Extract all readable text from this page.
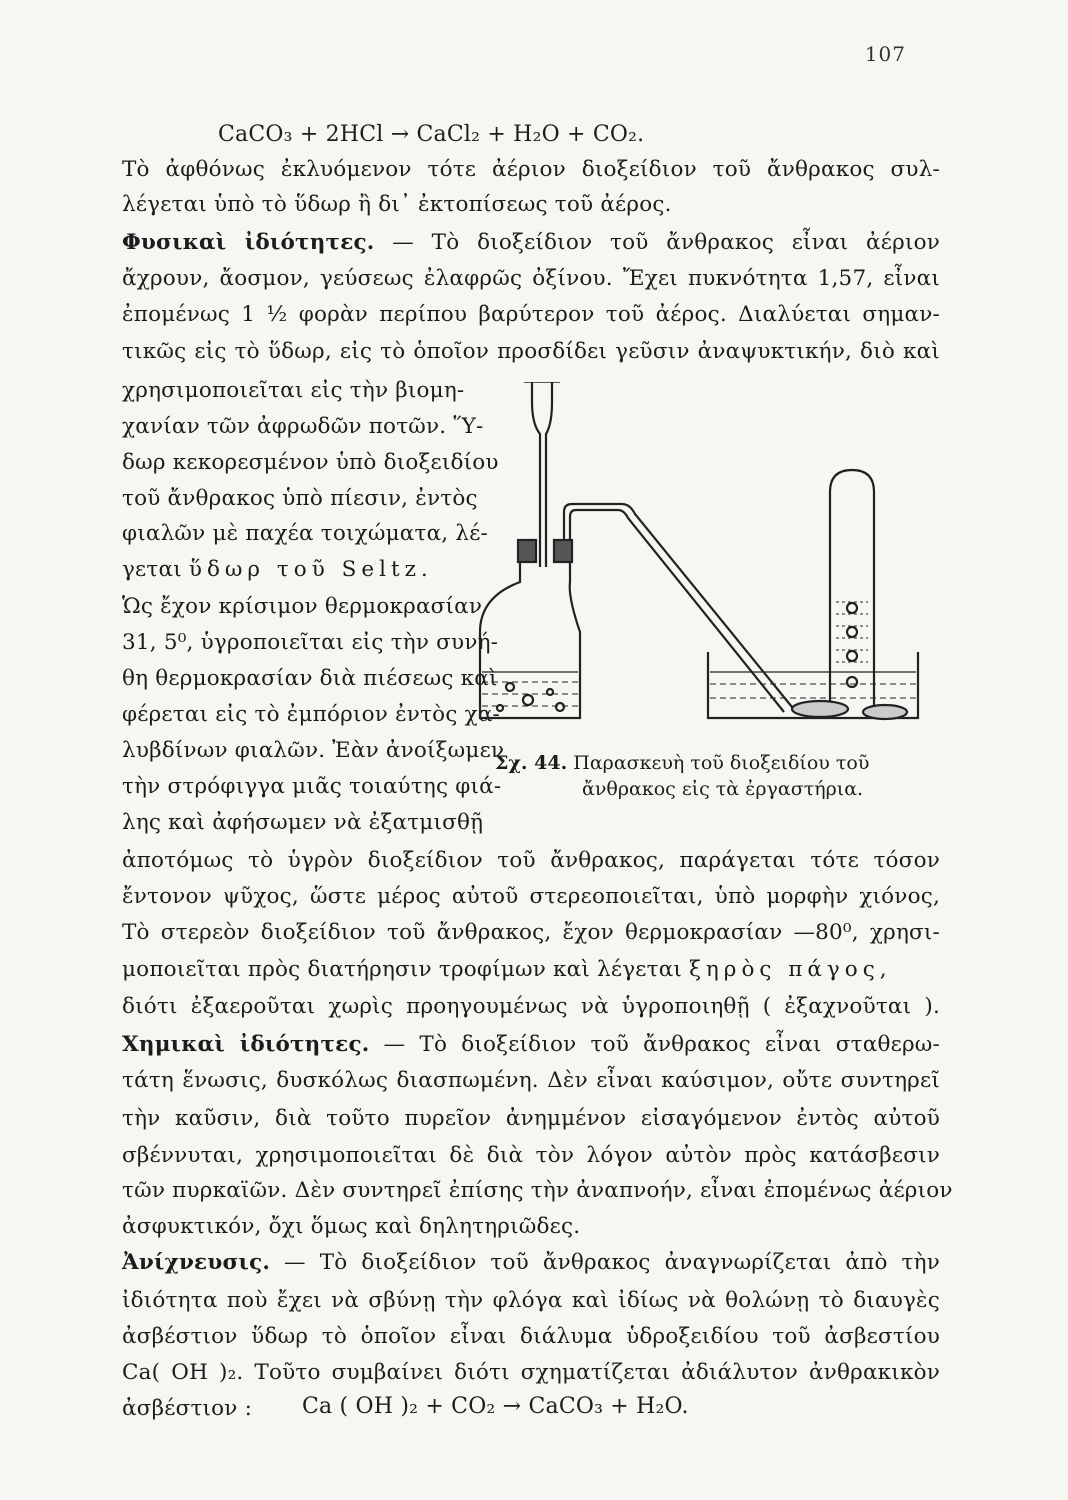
107
CaCO₃ + 2HCl → CaCl₂ + H₂O + CO₂.
Τὸ ἀφθόνως ἐκλυόμενον τότε ἀέριον διοξείδιον τοῦ ἄνθρακος συλ-
λέγεται ὑπὸ τὸ ὕδωρ ἢ δι᾽ ἐκτοπίσεως τοῦ ἀέρος.
Φυσικαὶ ἰδιότητες. — Τὸ διοξείδιον τοῦ ἄνθρακος εἶναι ἀέριον
ἄχρουν, ἄοσμον, γεύσεως ἐλαφρῶς ὀξίνου. Ἔχει πυκνότητα 1,57, εἶναι
ἐπομένως 1 ½ φορὰν περίπου βαρύτερον τοῦ ἀέρος. Διαλύεται σημαν-
τικῶς εἰς τὸ ὕδωρ, εἰς τὸ ὁποῖον προσδίδει γεῦσιν ἀναψυκτικήν, διὸ καὶ
χρησιμοποιεῖται εἰς τὴν βιομη-
χανίαν τῶν ἀφρωδῶν ποτῶν. Ὕ-
δωρ κεκορεσμένον ὑπὸ διοξειδίου
τοῦ ἄνθρακος ὑπὸ πίεσιν, ἐντὸς
φιαλῶν μὲ παχέα τοιχώματα, λέ-
γεται ὕδωρ τοῦ Seltz.
Ὡς ἔχον κρίσιμον θερμοκρασίαν
31, 5⁰, ὑγροποιεῖται εἰς τὴν συνή-
θη θερμοκρασίαν διὰ πιέσεως καὶ
φέρεται εἰς τὸ ἐμπόριον ἐντὸς χα-
λυβδίνων φιαλῶν. Ἐὰν ἀνοίξωμεν
τὴν στρόφιγγα μιᾶς τοιαύτης φιά-
λης καὶ ἀφήσωμεν νὰ ἐξατμισθῇ
Σχ. 44. Παρασκευὴ τοῦ διοξειδίου τοῦ
ἄνθρακος εἰς τὰ ἐργαστήρια.
ἀποτόμως τὸ ὑγρὸν διοξείδιον τοῦ ἄνθρακος, παράγεται τότε τόσον
ἔντονον ψῦχος, ὥστε μέρος αὐτοῦ στερεοποιεῖται, ὑπὸ μορφὴν χιόνος,
Τὸ στερεὸν διοξείδιον τοῦ ἄνθρακος, ἔχον θερμοκρασίαν —80⁰, χρησι-
μοποιεῖται πρὸς διατήρησιν τροφίμων καὶ λέγεται ξηρὸς πάγος,
διότι ἐξαεροῦται χωρὶς προηγουμένως νὰ ὑγροποιηθῇ ( ἐξαχνοῦται ).
Χημικαὶ ἰδιότητες. — Τὸ διοξείδιον τοῦ ἄνθρακος εἶναι σταθερω-
τάτη ἕνωσις, δυσκόλως διασπωμένη. Δὲν εἶναι καύσιμον, οὔτε συντηρεῖ
τὴν καῦσιν, διὰ τοῦτο πυρεῖον ἀνημμένον εἰσαγόμενον ἐντὸς αὐτοῦ
σβέννυται, χρησιμοποιεῖται δὲ διὰ τὸν λόγον αὐτὸν πρὸς κατάσβεσιν
τῶν πυρκαϊῶν. Δὲν συντηρεῖ ἐπίσης τὴν ἀναπνοήν, εἶναι ἐπομένως ἀέριον
ἀσφυκτικόν, ὄχι ὅμως καὶ δηλητηριῶδες.
Ἀνίχνευσις. — Τὸ διοξείδιον τοῦ ἄνθρακος ἀναγνωρίζεται ἀπὸ τὴν
ἰδιότητα ποὺ ἔχει νὰ σβύνῃ τὴν φλόγα καὶ ἰδίως νὰ θολώνῃ τὸ διαυγὲς
ἀσβέστιον ὕδωρ τὸ ὁποῖον εἶναι διάλυμα ὑδροξειδίου τοῦ ἀσβεστίου
Ca( OH )₂. Τοῦτο συμβαίνει διότι σχηματίζεται ἀδιάλυτον ἀνθρακικὸν
ἀσβέστιον : Ca ( OH )₂ + CO₂ → CaCO₃ + H₂O.
